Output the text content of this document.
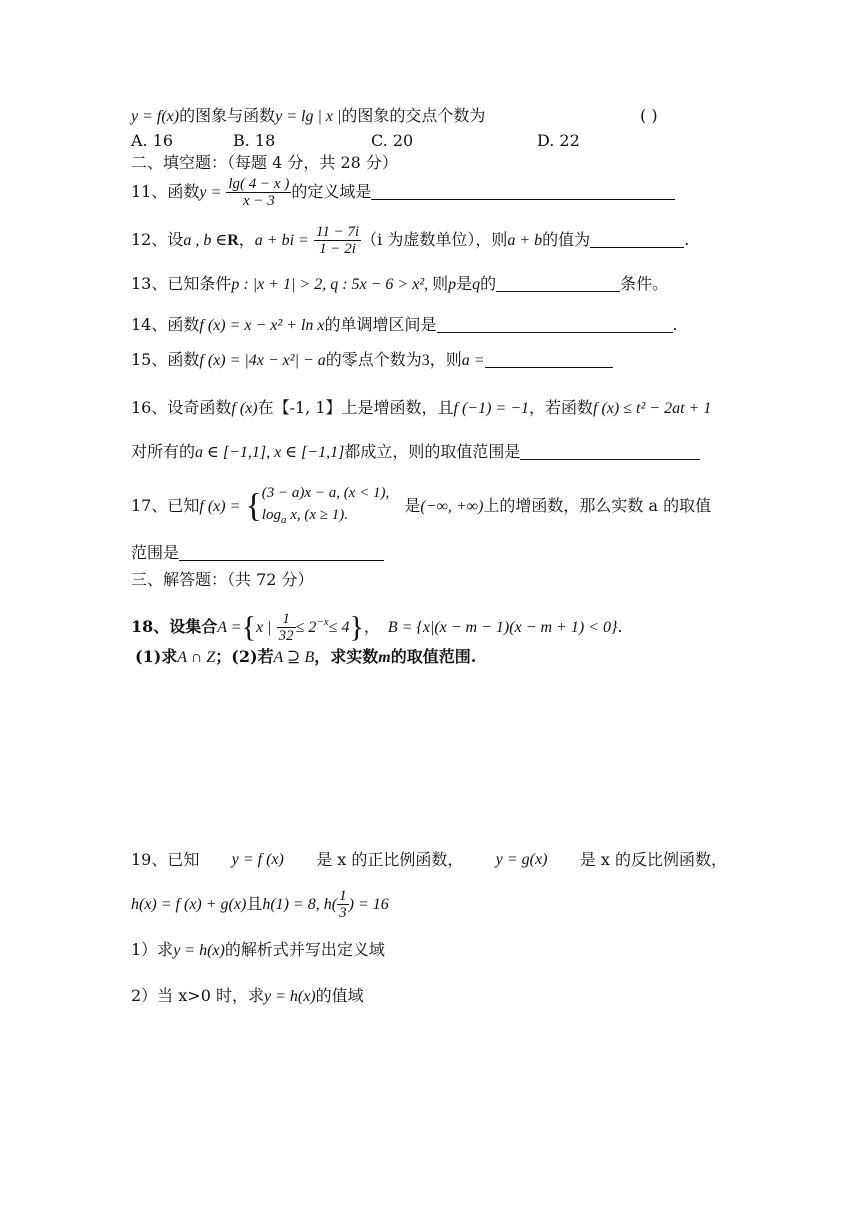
y = f(x)的图象与函数y = lg | x |的图象的交点个数为	( )
A. 16	B. 18	C. 20	D. 22
二、填空题：（每题 4 分，共 28 分）
11、函数$y = \frac{\lg( 4 - x )}{x - 3}$ 的定义域是
12、设a , b ∈R，a + bi = $\frac{11 - 7i}{1 - 2i} (i$ 为虚数单位），则a + b的值为	.
13、已知条件p : |x + 1| > 2, q : 5x − 6 > x², 则p是q的	条件。
14、函数f (x) = x − x² + ln x的单调增区间是	.
15、函数f (x) = |4x − x²| − a的零点个数为3，则a =
16、设奇函数f (x)在【-1, 1】上是增函数，且f (−1) = −1，若函数f (x) ≤ t² − 2at + 1
对所有的a ∈ [−1,1], x ∈ [−1,1]都成立，则的取值范围是
17、已知f (x) = { (3 − a)x − a, (x < 1),
$\log_a x$, (x ≥ 1).	是(−∞, +∞)上的增函数，那么实数 a 的取值
范围是
三、解答题：（共 72 分）
18、设集合A ={x | $\frac{1}{32} \le 2^{-x}\le 4$}， B = {x|(x − m − 1)(x − m + 1) < 0}.
(1)求A ∩ Z；(2)若A ⊇ B，求实数m的取值范围.
19、已知 y = f (x) 是 x 的正比例函数， y = g(x) 是 x 的反比例函数，
h(x) = f (x) + g(x)且h(1) = 8, $h( \frac{1}{3}$ ) = 16
1）求y = h(x)的解析式并写出定义域
2）当 x>0 时，求y = h(x)的值域
